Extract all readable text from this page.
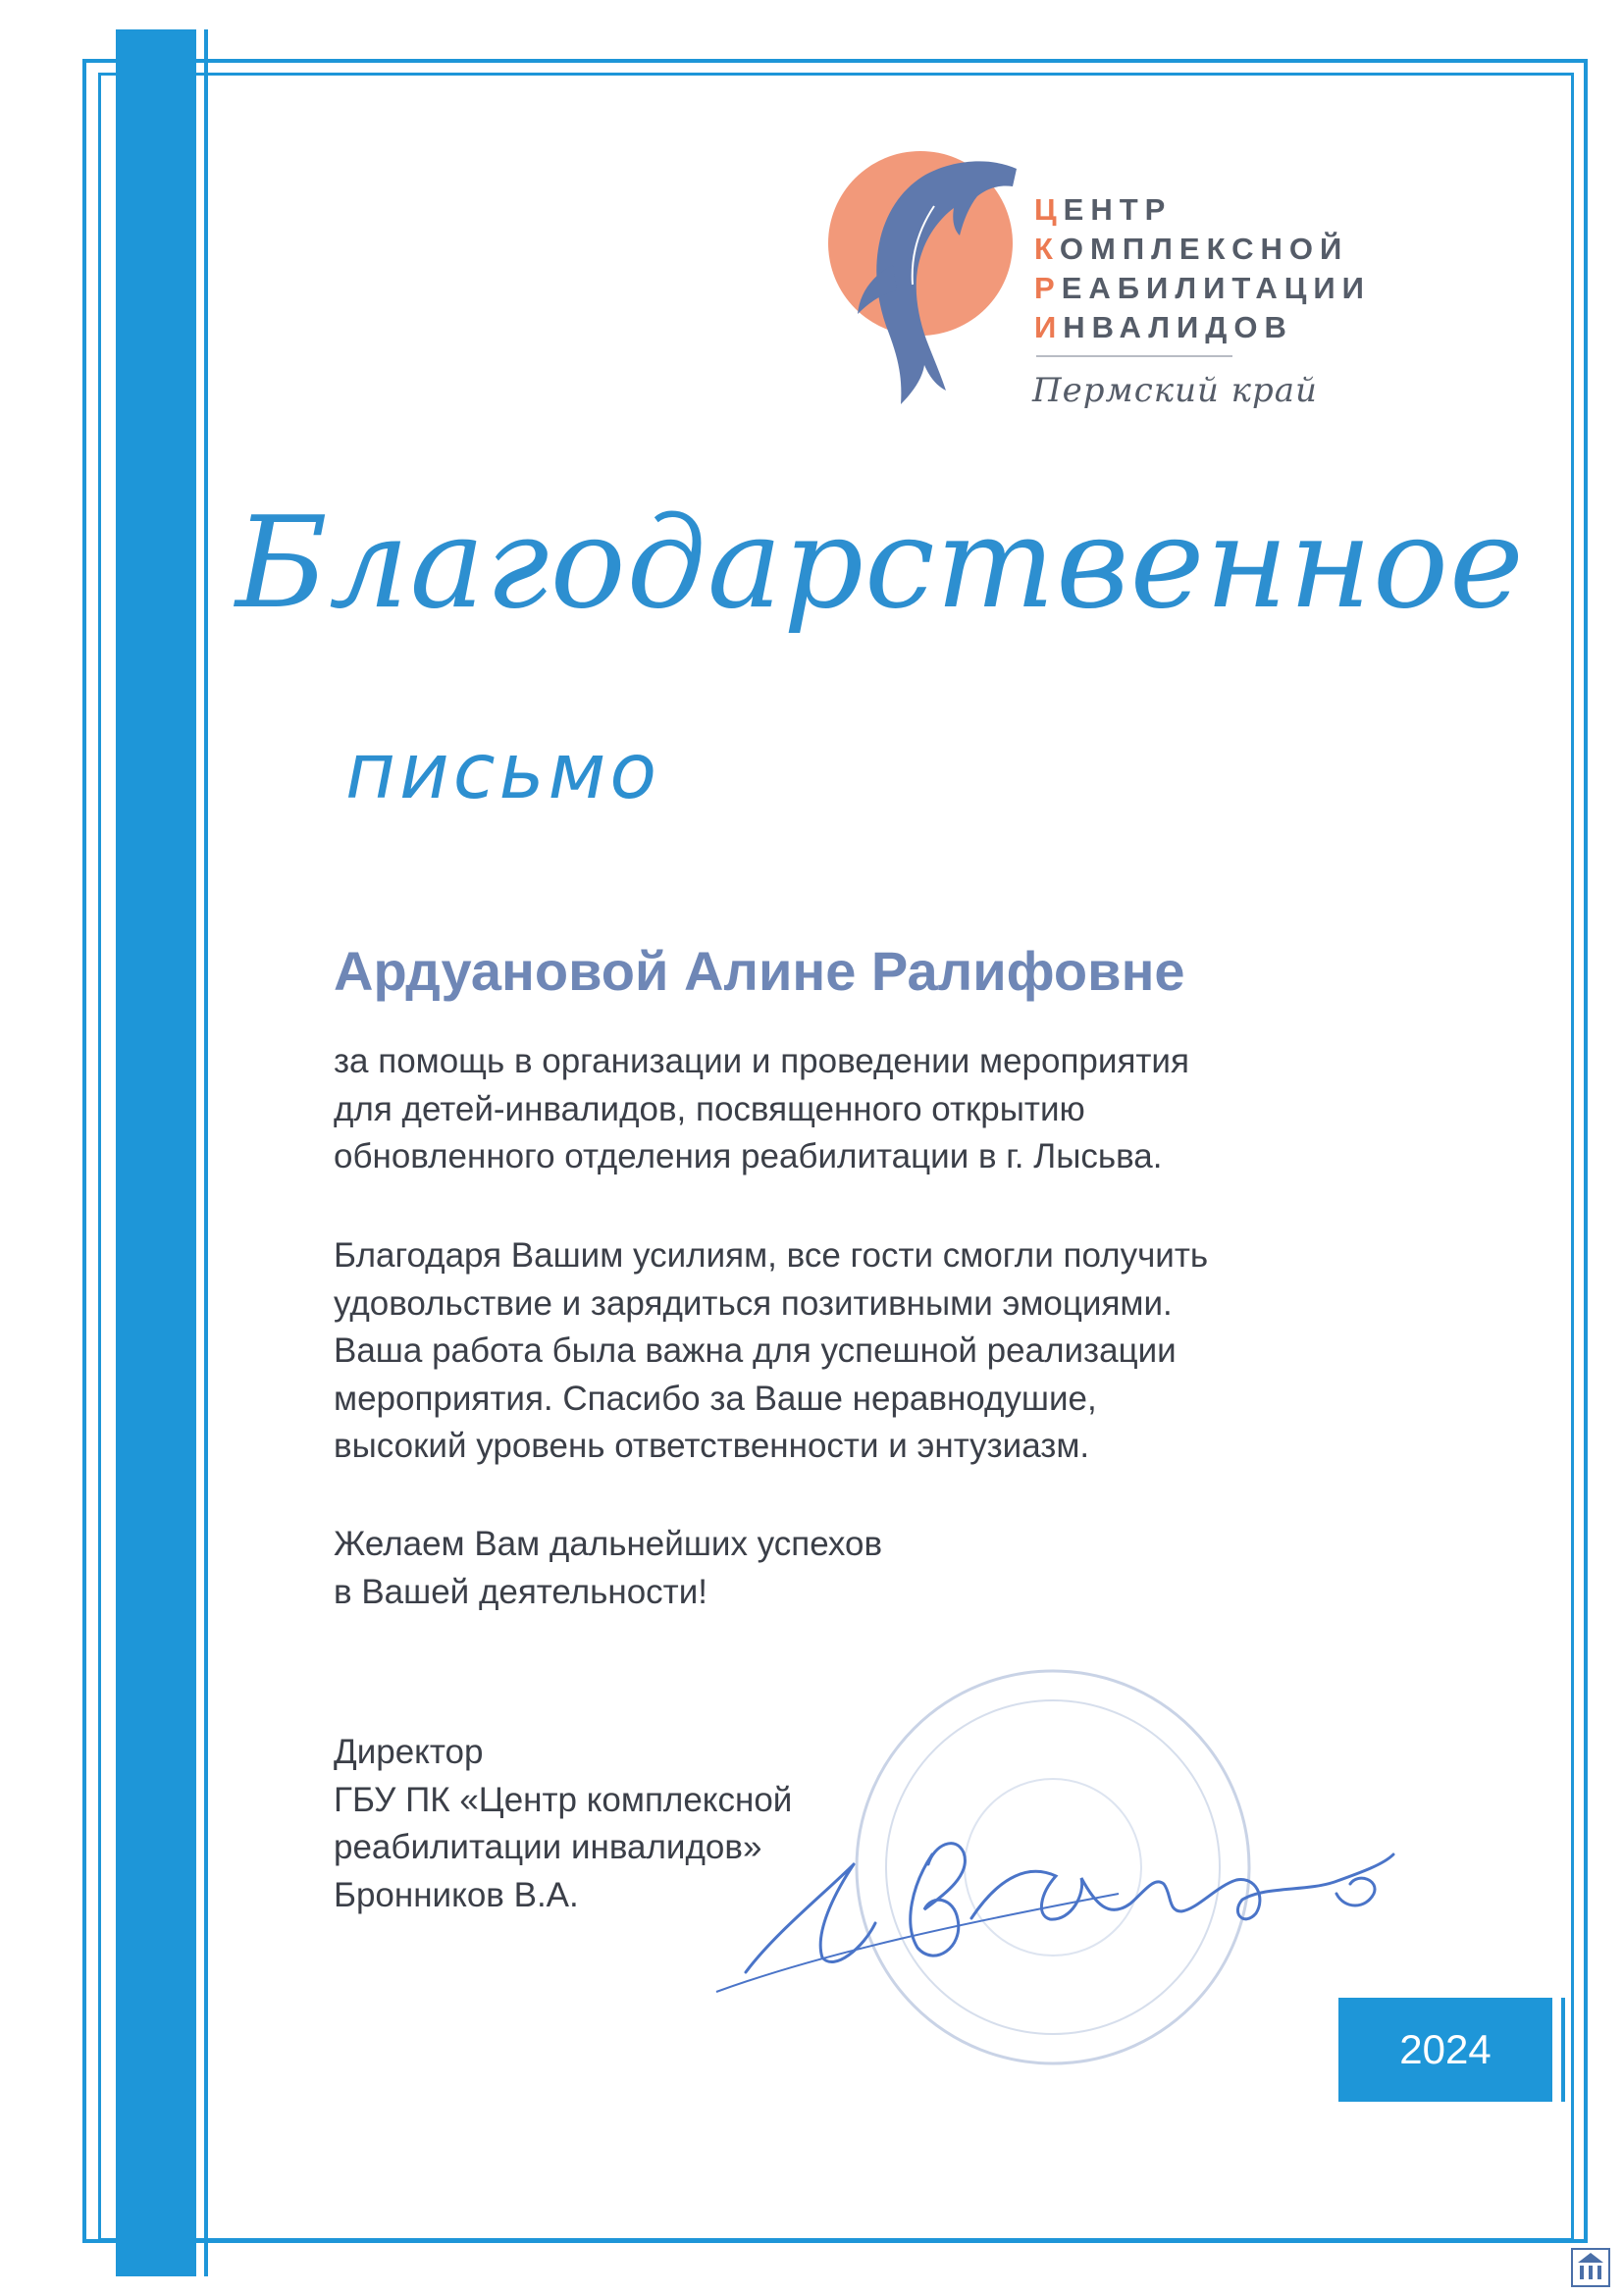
ЦЕНТР
КОМПЛЕКСНОЙ
РЕАБИЛИТАЦИИ
ИНВАЛИДОВ
Пермский край
Благодарственное
письмо
Ардуановой Алине Ралифовне

за помощь в организации и проведении мероприятия
для детей-инвалидов, посвященного открытию
обновленного отделения реабилитации в г. Лысьва.

Благодаря Вашим усилиям, все гости смогли получить
удовольствие и зарядиться позитивными эмоциями.
Ваша работа была важна для успешной реализации
мероприятия. Спасибо за Ваше неравнодушие,
высокий уровень ответственности и энтузиазм.

Желаем Вам дальнейших успехов
в Вашей деятельности!

Директор
ГБУ ПК «Центр комплексной
реабилитации инвалидов»
Бронников В.А.

2024
